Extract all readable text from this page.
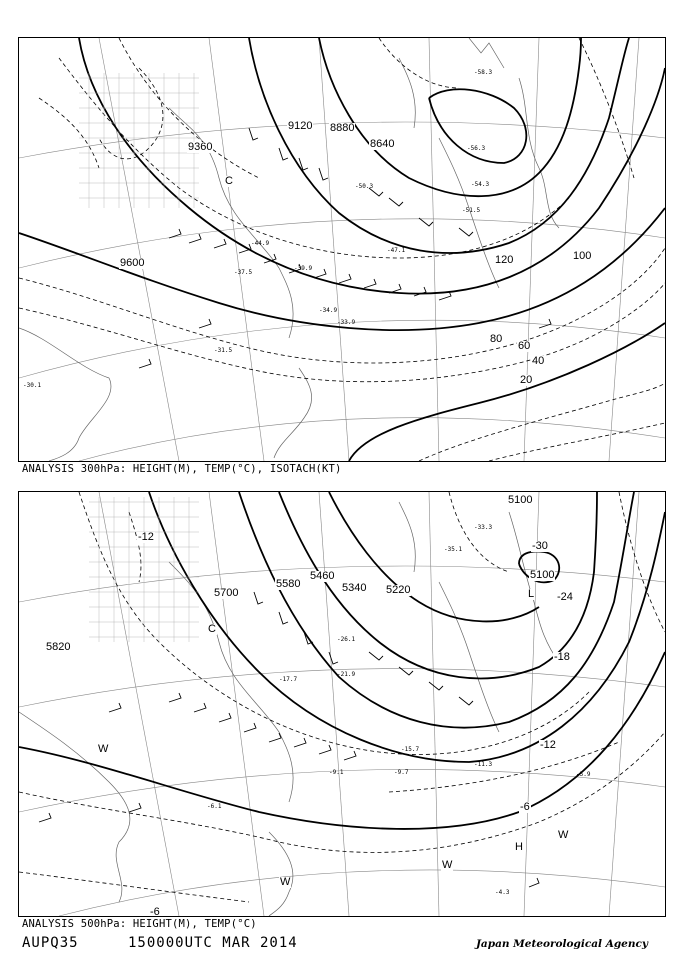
9600
9360
9120 8880
8640
120	100
80
60
40
20
C
-30.1
-31.5
-33.9
-34.9
-37.5
-39.9
-44.9
-47.1
-50.3
-51.5
-54.3
-56.3
-58.3
ANALYSIS 300hPa: HEIGHT(M), TEMP(°C), ISOTACH(KT)
5820
5700
5580
5460
5340 5220
5100
5100
-12
-18
-24
-30
-6
-12
-6
L
H
C
W
W
W
W
-35.1
-33.3
-26.1
-21.9
-17.7
-15.7
-11.3
-9.7
-9.1
-6.1
-5.9
-4.3
ANALYSIS 500hPa: HEIGHT(M), TEMP(°C)
AUPQ35	150000UTC MAR 2014	Japan Meteorological Agency
